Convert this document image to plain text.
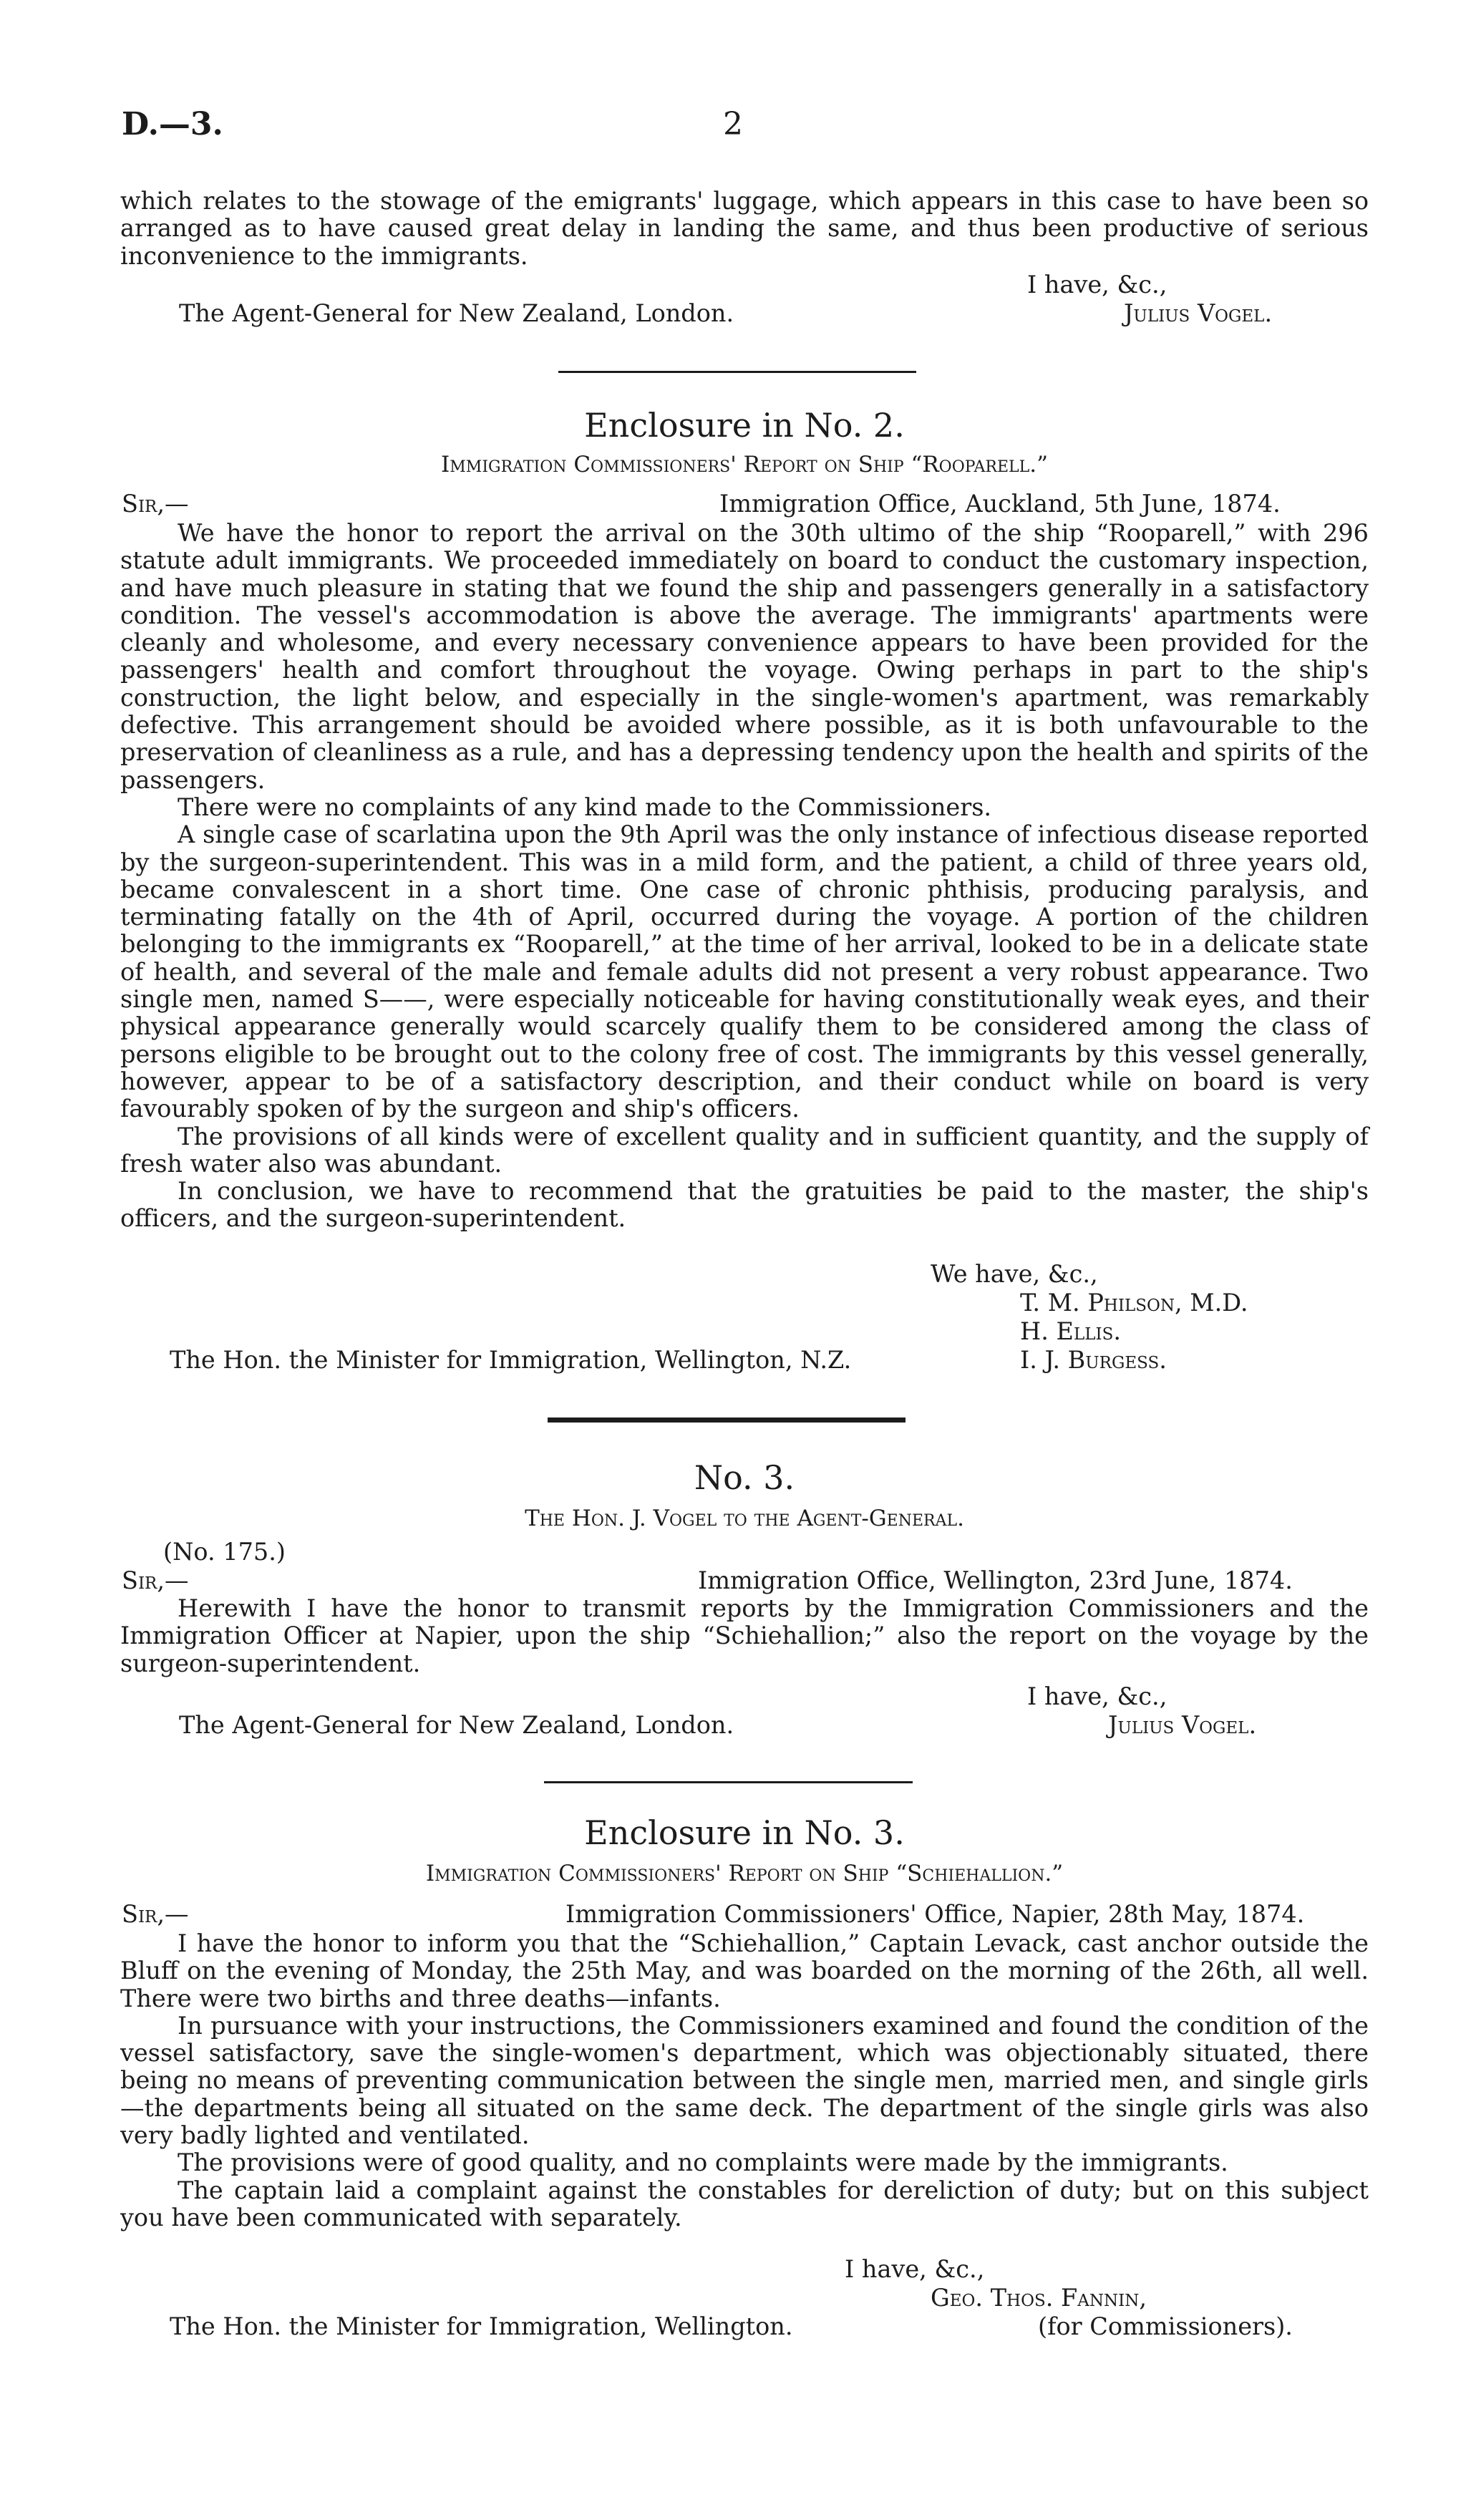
D.—3.	2

which relates to the stowage of the emigrants' luggage, which appears in this case to have been so arranged as to have caused great delay in landing the same, and thus been productive of serious inconvenience to the immigrants.

I have, &c.,
The Agent-General for New Zealand, London.	Julius Vogel.
Enclosure in No. 2.
Immigration Commissioners' Report on Ship “Rooparell.”
Sir,—	Immigration Office, Auckland, 5th June, 1874.

We have the honor to report the arrival on the 30th ultimo of the ship “Rooparell,” with 296 statute adult immigrants. We proceeded immediately on board to conduct the customary inspection, and have much pleasure in stating that we found the ship and passengers generally in a satisfactory condition. The vessel's accommodation is above the average. The immigrants' apartments were cleanly and wholesome, and every necessary convenience appears to have been provided for the passengers' health and comfort throughout the voyage. Owing perhaps in part to the ship's construction, the light below, and especially in the single-women's apartment, was remarkably defective. This arrangement should be avoided where possible, as it is both unfavourable to the preservation of cleanliness as a rule, and has a depressing tendency upon the health and spirits of the passengers.

There were no complaints of any kind made to the Commissioners.

A single case of scarlatina upon the 9th April was the only instance of infectious disease reported by the surgeon-superintendent. This was in a mild form, and the patient, a child of three years old, became convalescent in a short time. One case of chronic phthisis, producing paralysis, and terminating fatally on the 4th of April, occurred during the voyage. A portion of the children belonging to the immigrants ex “Rooparell,” at the time of her arrival, looked to be in a delicate state of health, and several of the male and female adults did not present a very robust appearance. Two single men, named S——, were especially noticeable for having constitutionally weak eyes, and their physical appearance generally would scarcely qualify them to be considered among the class of persons eligible to be brought out to the colony free of cost. The immigrants by this vessel generally, however, appear to be of a satisfactory description, and their conduct while on board is very favourably spoken of by the surgeon and ship's officers.

The provisions of all kinds were of excellent quality and in sufficient quantity, and the supply of fresh water also was abundant.

In conclusion, we have to recommend that the gratuities be paid to the master, the ship's officers, and the surgeon-superintendent.

We have, &c.,
T. M. Philson, M.D.
H. Ellis.
The Hon. the Minister for Immigration, Wellington, N.Z.	I. J. Burgess.
No. 3.
The Hon. J. Vogel to the Agent-General.
(No. 175.)
Sir,—	Immigration Office, Wellington, 23rd June, 1874.

Herewith I have the honor to transmit reports by the Immigration Commissioners and the Immigration Officer at Napier, upon the ship “Schiehallion;” also the report on the voyage by the surgeon-superintendent.

I have, &c.,
The Agent-General for New Zealand, London.	Julius Vogel.
Enclosure in No. 3.
Immigration Commissioners' Report on Ship “Schiehallion.”
Sir,—	Immigration Commissioners' Office, Napier, 28th May, 1874.

I have the honor to inform you that the “Schiehallion,” Captain Levack, cast anchor outside the Bluff on the evening of Monday, the 25th May, and was boarded on the morning of the 26th, all well. There were two births and three deaths—infants.

In pursuance with your instructions, the Commissioners examined and found the condition of the vessel satisfactory, save the single-women's department, which was objectionably situated, there being no means of preventing communication between the single men, married men, and single girls—the departments being all situated on the same deck. The department of the single girls was also very badly lighted and ventilated.

The provisions were of good quality, and no complaints were made by the immigrants.

The captain laid a complaint against the constables for dereliction of duty; but on this subject you have been communicated with separately.

I have, &c.,
Geo. Thos. Fannin,
The Hon. the Minister for Immigration, Wellington.	(for Commissioners).
